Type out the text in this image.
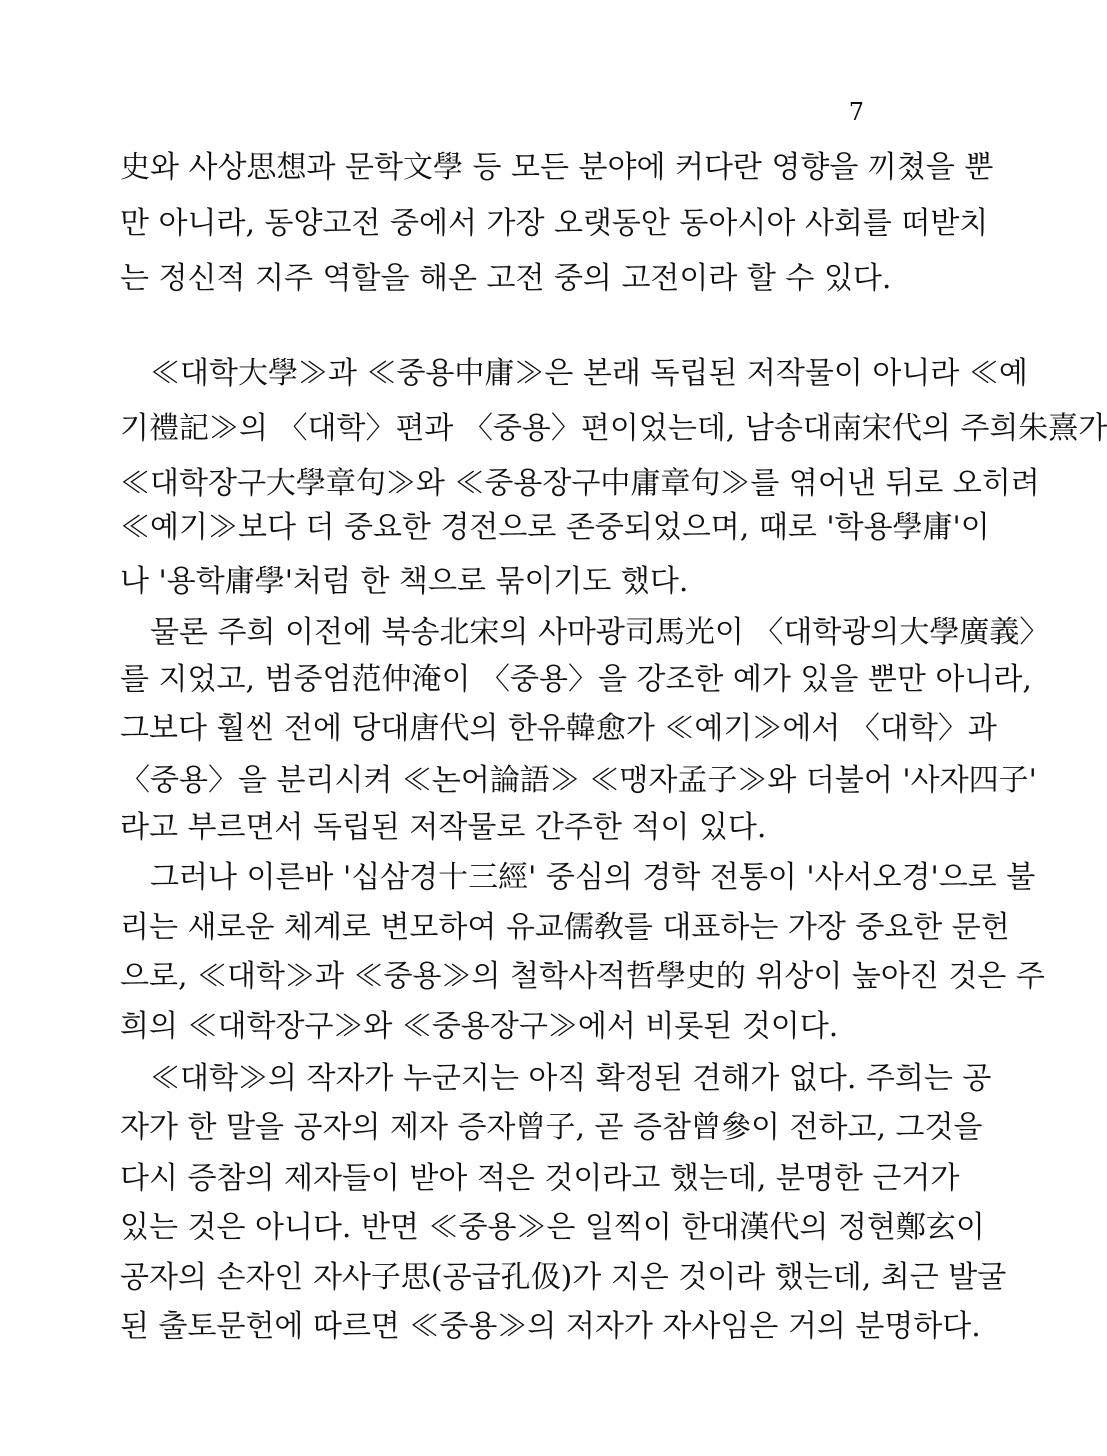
7
史와 사상思想과 문학文學 등 모든 분야에 커다란 영향을 끼쳤을 뿐
만 아니라, 동양고전 중에서 가장 오랫동안 동아시아 사회를 떠받치
는 정신적 지주 역할을 해온 고전 중의 고전이라 할 수 있다.
≪대학大學≫과 ≪중용中庸≫은 본래 독립된 저작물이 아니라 ≪예
기禮記≫의 〈대학〉편과 〈중용〉편이었는데, 남송대南宋代의 주희朱熹가
≪대학장구大學章句≫와 ≪중용장구中庸章句≫를 엮어낸 뒤로 오히려
≪예기≫보다 더 중요한 경전으로 존중되었으며, 때로 '학용學庸'이
나 '용학庸學'처럼 한 책으로 묶이기도 했다.
물론 주희 이전에 북송北宋의 사마광司馬光이 〈대학광의大學廣義〉
를 지었고, 범중엄范仲淹이 〈중용〉을 강조한 예가 있을 뿐만 아니라,
그보다 훨씬 전에 당대唐代의 한유韓愈가 ≪예기≫에서 〈대학〉과
〈중용〉을 분리시켜 ≪논어論語≫ ≪맹자孟子≫와 더불어 '사자四子'
라고 부르면서 독립된 저작물로 간주한 적이 있다.
그러나 이른바 '십삼경十三經' 중심의 경학 전통이 '사서오경'으로 불
리는 새로운 체계로 변모하여 유교儒敎를 대표하는 가장 중요한 문헌
으로, ≪대학≫과 ≪중용≫의 철학사적哲學史的 위상이 높아진 것은 주
희의 ≪대학장구≫와 ≪중용장구≫에서 비롯된 것이다.
≪대학≫의 작자가 누군지는 아직 확정된 견해가 없다. 주희는 공
자가 한 말을 공자의 제자 증자曾子, 곧 증참曾參이 전하고, 그것을
다시 증참의 제자들이 받아 적은 것이라고 했는데, 분명한 근거가
있는 것은 아니다. 반면 ≪중용≫은 일찍이 한대漢代의 정현鄭玄이
공자의 손자인 자사子思(공급孔伋)가 지은 것이라 했는데, 최근 발굴
된 출토문헌에 따르면 ≪중용≫의 저자가 자사임은 거의 분명하다.
